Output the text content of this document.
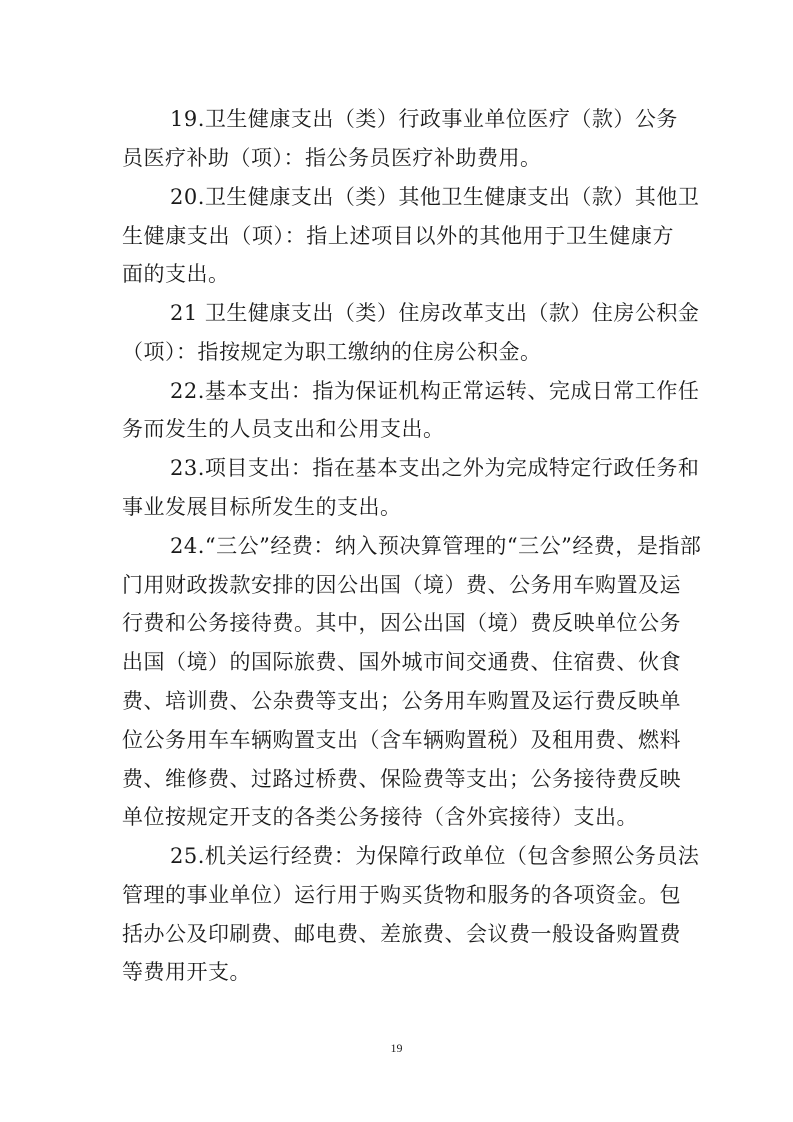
19.卫生健康支出（类）行政事业单位医疗（款）公务
员医疗补助（项）：指公务员医疗补助费用。
20.卫生健康支出（类）其他卫生健康支出（款）其他卫
生健康支出（项）：指上述项目以外的其他用于卫生健康方
面的支出。
21 卫生健康支出（类）住房改革支出（款）住房公积金
（项）：指按规定为职工缴纳的住房公积金。
22.基本支出：指为保证机构正常运转、完成日常工作任
务而发生的人员支出和公用支出。
23.项目支出：指在基本支出之外为完成特定行政任务和
事业发展目标所发生的支出。
24.“三公”经费：纳入预决算管理的“三公”经费，是指部
门用财政拨款安排的因公出国（境）费、公务用车购置及运
行费和公务接待费。其中，因公出国（境）费反映单位公务
出国（境）的国际旅费、国外城市间交通费、住宿费、伙食
费、培训费、公杂费等支出；公务用车购置及运行费反映单
位公务用车车辆购置支出（含车辆购置税）及租用费、燃料
费、维修费、过路过桥费、保险费等支出；公务接待费反映
单位按规定开支的各类公务接待（含外宾接待）支出。
25.机关运行经费：为保障行政单位（包含参照公务员法
管理的事业单位）运行用于购买货物和服务的各项资金。包
括办公及印刷费、邮电费、差旅费、会议费一般设备购置费
等费用开支。
19
